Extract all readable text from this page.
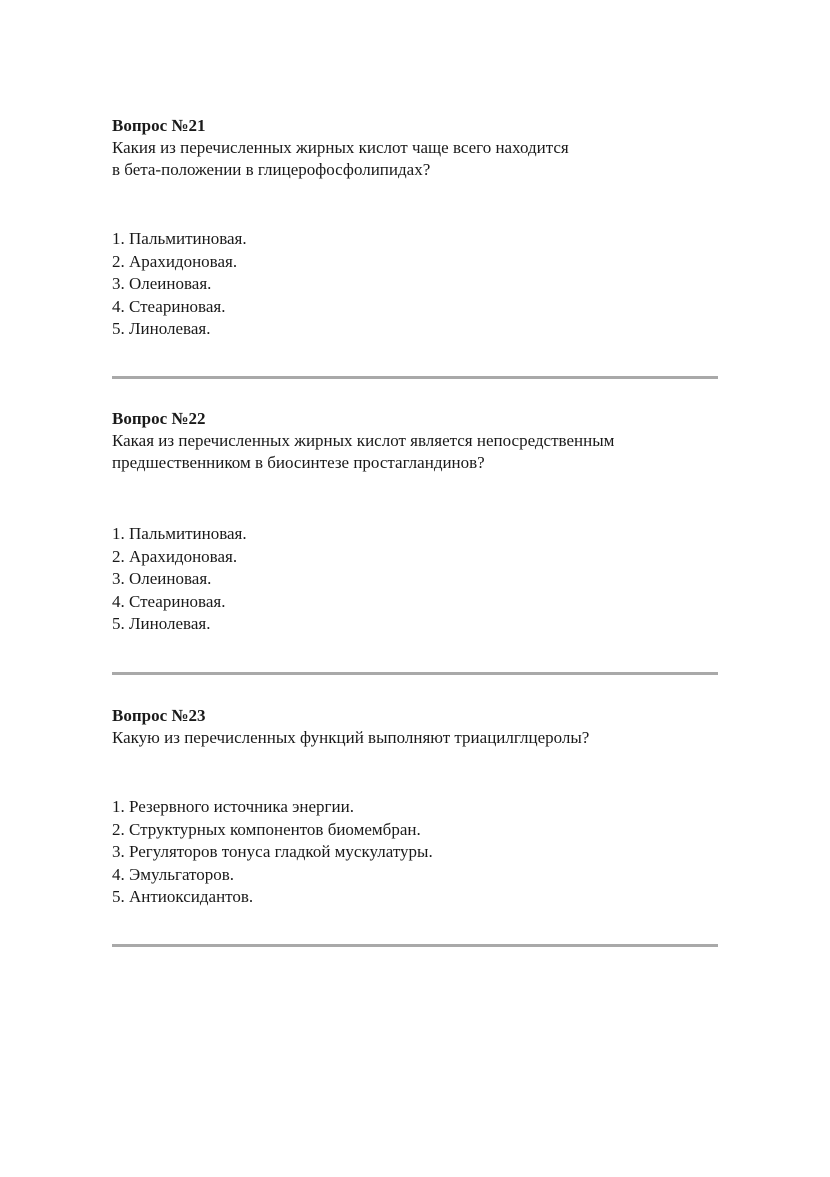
Вопрос №21

Какия из перечисленных жирных кислот чаще всего находится
в бета-положении в глицерофосфолипидах?

1. Пальмитиновая.
2. Арахидоновая.
3. Олеиновая.
4. Стеариновая.
5. Линолевая.

Вопрос №22

Какая из перечисленных жирных кислот является непосредственным
предшественником в биосинтезе простагландинов?

1. Пальмитиновая.
2. Арахидоновая.
3. Олеиновая.
4. Стеариновая.
5. Линолевая.

Вопрос №23

Какую из перечисленных функций выполняют триацилглцеролы?

1. Резервного источника энергии.
2. Структурных компонентов биомембран.
3. Регуляторов тонуса гладкой мускулатуры.
4. Эмульгаторов.
5. Антиоксидантов.
